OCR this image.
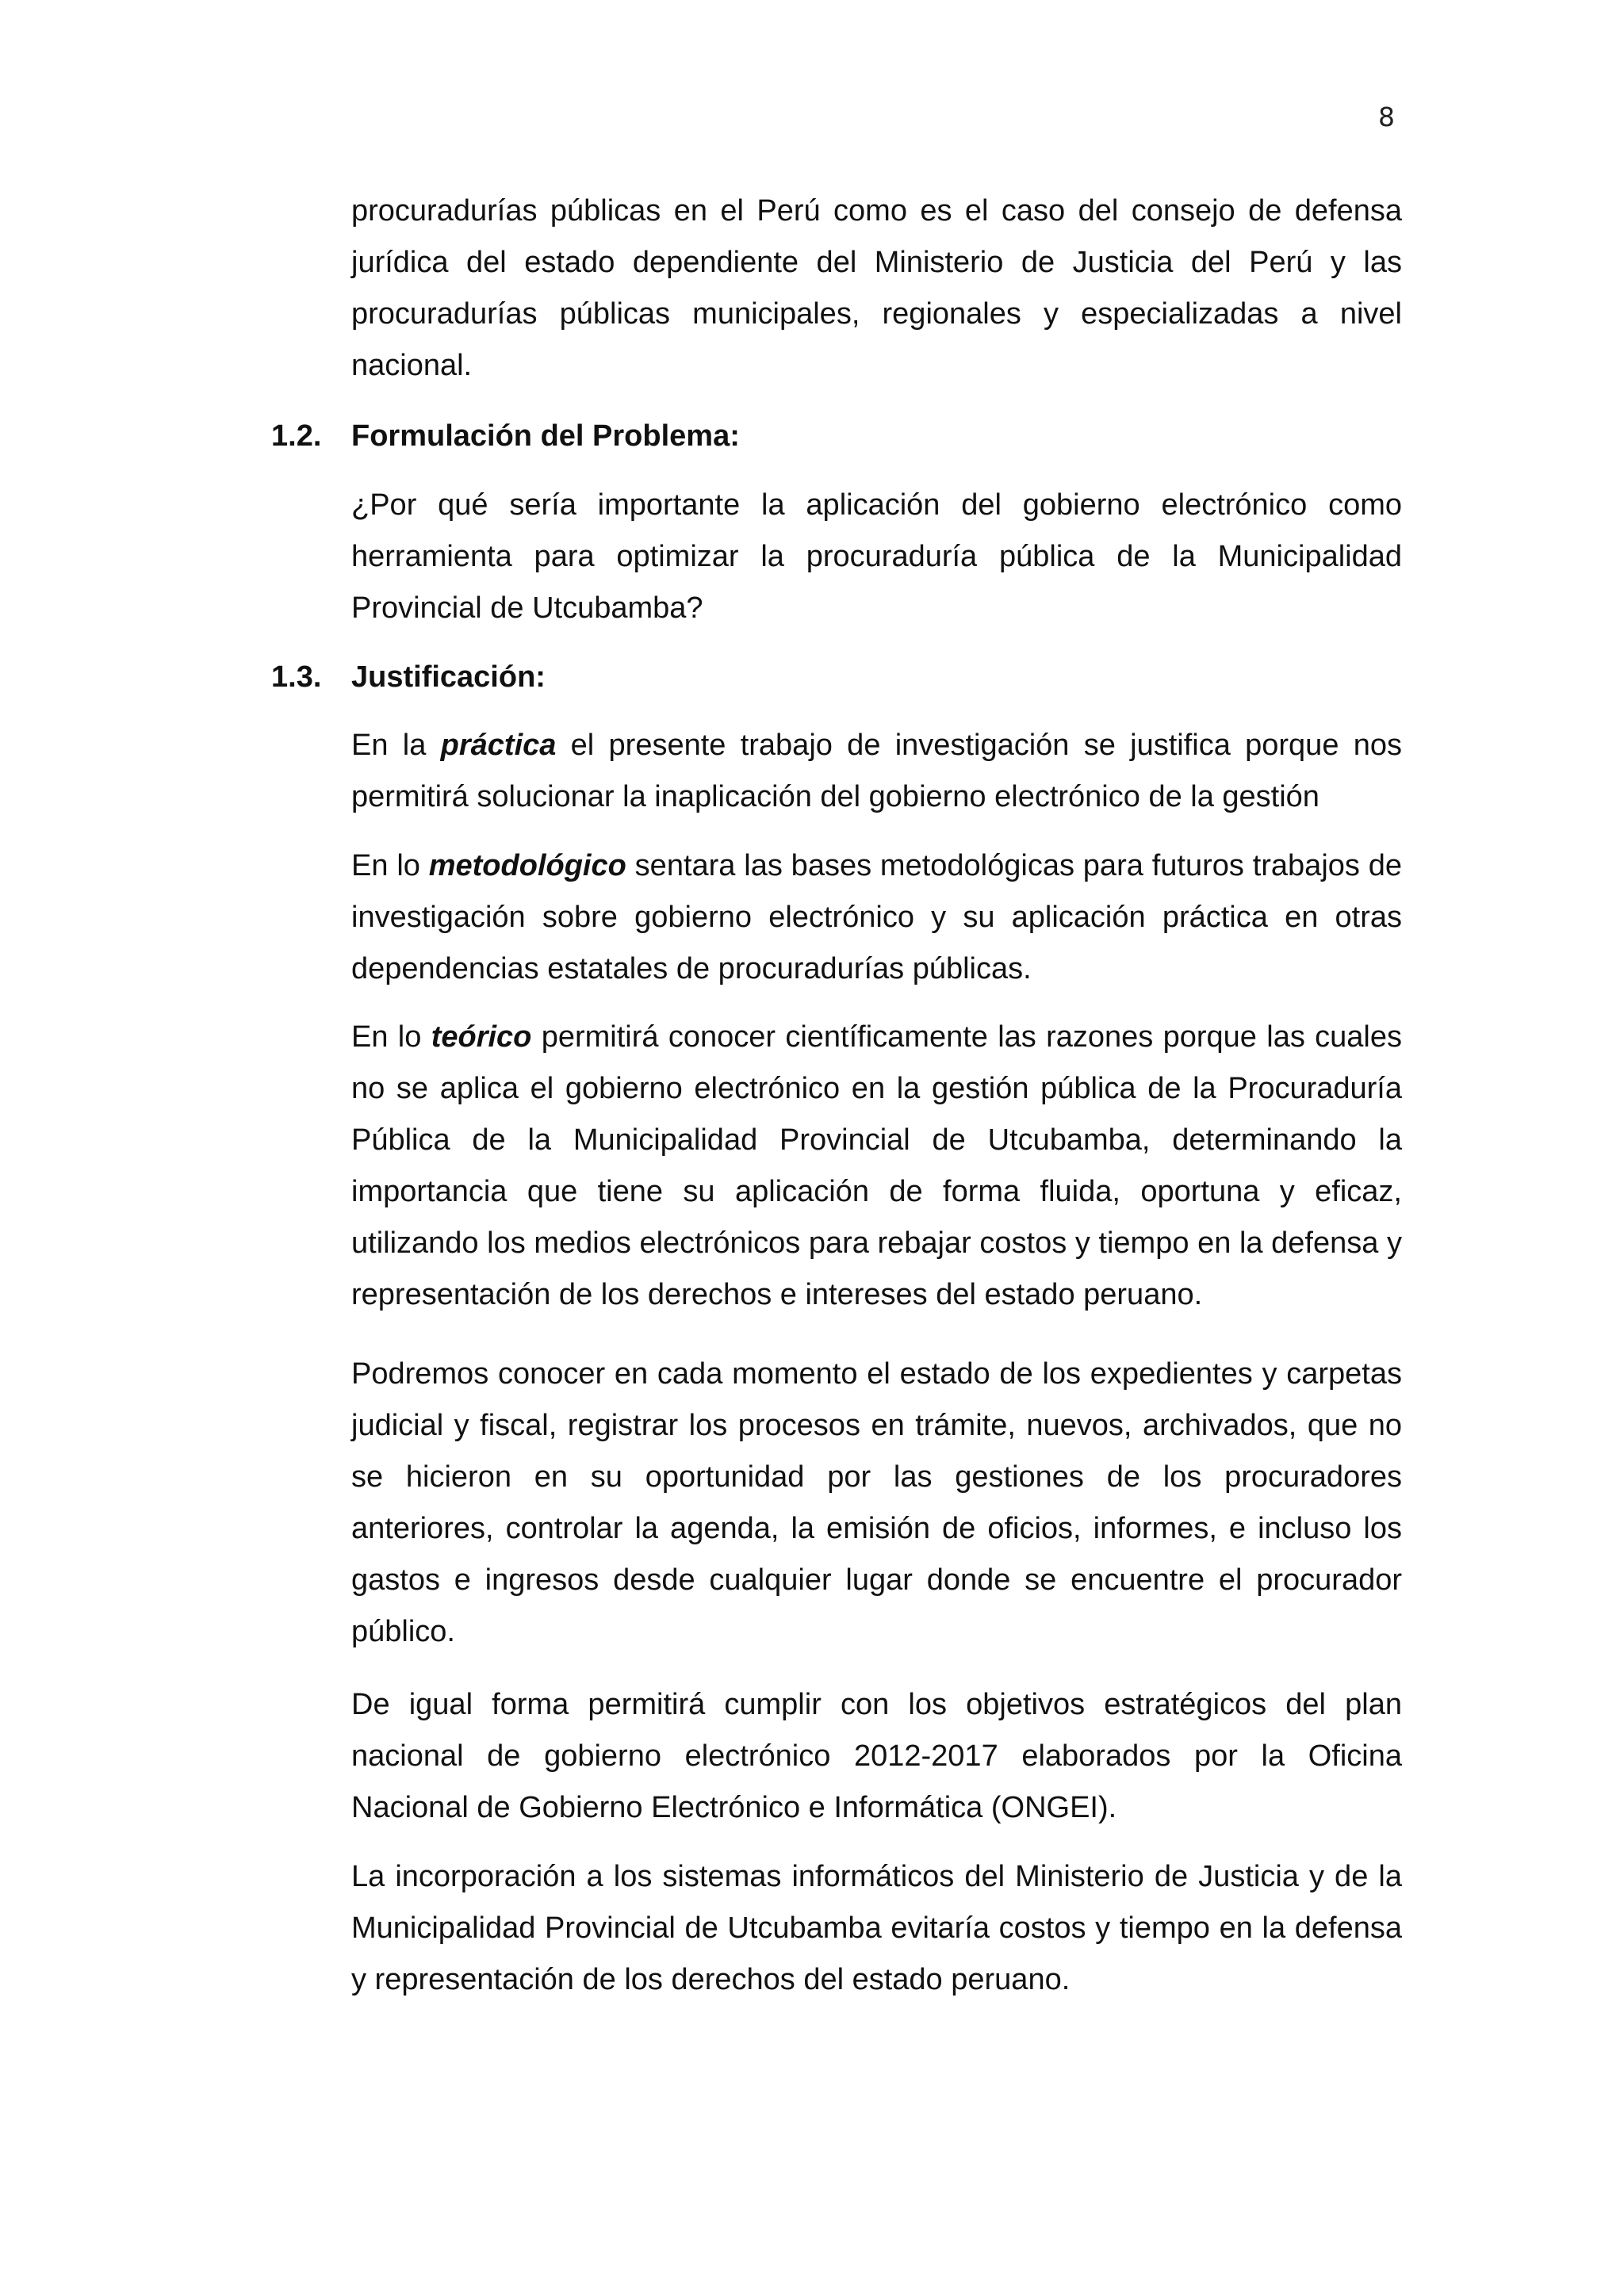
8

procuradurías públicas en el Perú como es el caso del consejo de defensa jurídica del estado dependiente del Ministerio de Justicia del Perú y las procuradurías públicas municipales, regionales y especializadas a nivel nacional.

1.2. Formulación del Problema:

¿Por qué sería importante la aplicación del gobierno electrónico como herramienta para optimizar la procuraduría pública de la Municipalidad Provincial de Utcubamba?

1.3. Justificación:

En la práctica el presente trabajo de investigación se justifica porque nos permitirá solucionar la inaplicación del gobierno electrónico de la gestión

En lo metodológico sentara las bases metodológicas para futuros trabajos de investigación sobre gobierno electrónico y su aplicación práctica en otras dependencias estatales de procuradurías públicas.

En lo teórico permitirá conocer científicamente las razones porque las cuales no se aplica el gobierno electrónico en la gestión pública de la Procuraduría Pública de la Municipalidad Provincial de Utcubamba, determinando la importancia que tiene su aplicación de forma fluida, oportuna y eficaz, utilizando los medios electrónicos para rebajar costos y tiempo en la defensa y representación de los derechos e intereses del estado peruano.

Podremos conocer en cada momento el estado de los expedientes y carpetas judicial y fiscal, registrar los procesos en trámite, nuevos, archivados, que no se hicieron en su oportunidad por las gestiones de los procuradores anteriores, controlar la agenda, la emisión de oficios, informes, e incluso los gastos e ingresos desde cualquier lugar donde se encuentre el procurador público.

De igual forma permitirá cumplir con los objetivos estratégicos del plan nacional de gobierno electrónico 2012-2017 elaborados por la Oficina Nacional de Gobierno Electrónico e Informática (ONGEI).

La incorporación a los sistemas informáticos del Ministerio de Justicia y de la Municipalidad Provincial de Utcubamba evitaría costos y tiempo en la defensa y representación de los derechos del estado peruano.
